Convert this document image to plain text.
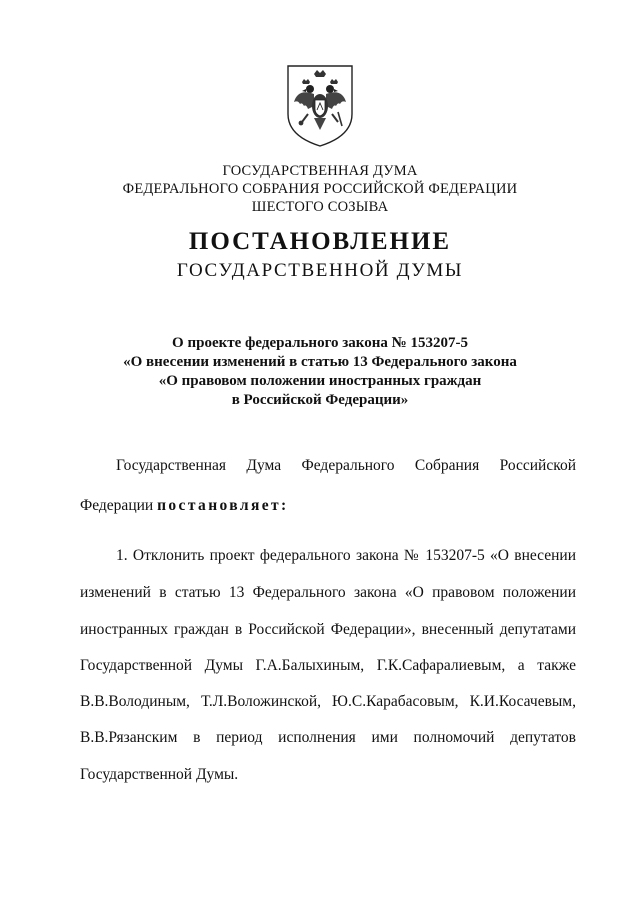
ГОСУДАРСТВЕННАЯ ДУМА
ФЕДЕРАЛЬНОГО СОБРАНИЯ РОССИЙСКОЙ ФЕДЕРАЦИИ
ШЕСТОГО СОЗЫВА
ПОСТАНОВЛЕНИЕ
ГОСУДАРСТВЕННОЙ ДУМЫ
О проекте федерального закона № 153207-5
«О внесении изменений в статью 13 Федерального закона
«О правовом положении иностранных граждан
в Российской Федерации»
Государственная Дума Федерального Собрания Российской
Федерации постановляет:
1. Отклонить проект федерального закона № 153207-5 «О внесении
изменений в статью 13 Федерального закона «О правовом положении
иностранных граждан в Российской Федерации», внесенный депутатами
Государственной Думы Г.А.Балыхиным, Г.К.Сафаралиевым, а также
В.В.Володиным, Т.Л.Воложинской, Ю.С.Карабасовым, К.И.Косачевым,
В.В.Рязанским в период исполнения ими полномочий депутатов
Государственной Думы.
